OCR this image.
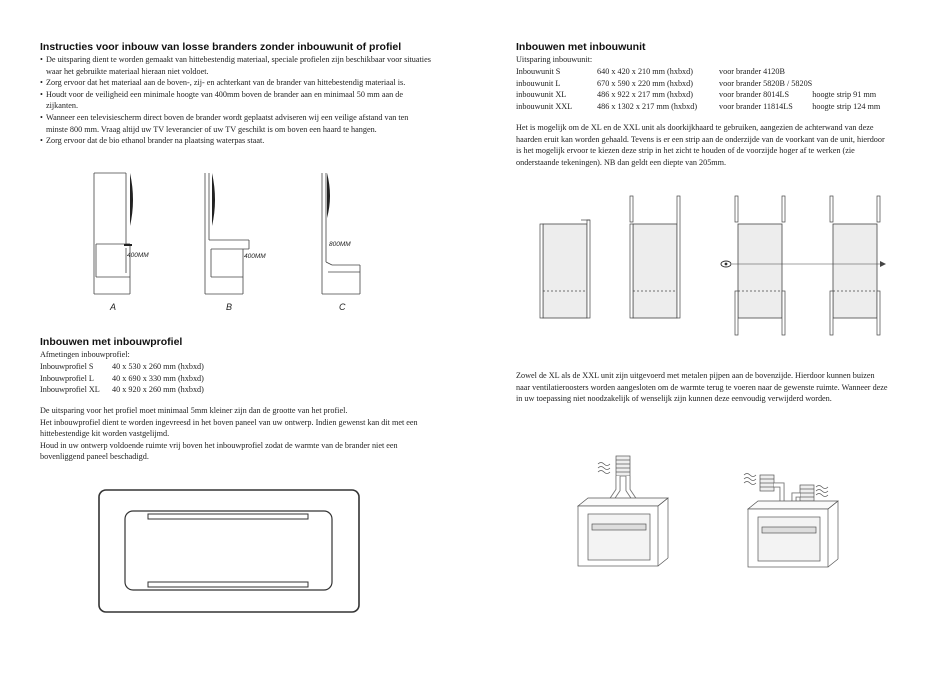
Instructies voor inbouw van losse branders zonder inbouwunit of profiel
• De uitsparing dient te worden gemaakt van hittebestendig materiaal, speciale profielen zijn beschikbaar voor situaties waar het gebruikte materiaal hieraan niet voldoet.
• Zorg ervoor dat het materiaal aan de boven-, zij- en achterkant van de brander van hittebestendig materiaal is.
• Houdt voor de veiligheid een minimale hoogte van 400mm boven de brander aan en minimaal 50 mm aan de zijkanten.
• Wanneer een televisiescherm direct boven de brander wordt geplaatst adviseren wij een veilige afstand van ten minste 800 mm. Vraag altijd uw TV leverancier of uw TV geschikt is om boven een haard te hangen.
• Zorg ervoor dat de bio ethanol brander na plaatsing waterpas staat.
400MM
A
400MM
B
800MM
C
Inbouwen met inbouwprofiel
Afmetingen inbouwprofiel:
Inbouwprofiel S	40 x 530 x 260 mm (hxbxd)
Inbouwprofiel L	40 x 690 x 330 mm (hxbxd)
Inbouwprofiel XL	40 x 920 x 260 mm (hxbxd)

De uitsparing voor het profiel moet minimaal 5mm kleiner zijn dan de grootte van het profiel.

Het inbouwprofiel dient te worden ingevreesd in het boven paneel van uw ontwerp. Indien gewenst kan dit met een hittebestendige kit worden vastgelijmd.

Houd in uw ontwerp voldoende ruimte vrij boven het inbouwprofiel zodat de warmte van de brander niet een bovenliggend paneel beschadigd.

Inbouwen met inbouwunit
Uitsparing inbouwunit:
Inbouwunit S	640 x 420 x 210 mm (hxbxd)	voor brander 4120B	
inbouwunit L	670 x 590 x 220 mm (hxbxd)	voor brander 5820B / 5820S	
inbouwunit XL	486 x 922 x 217 mm (hxbxd)	voor brander 8014LS	hoogte strip 91 mm
inbouwunit XXL	486 x 1302 x 217 mm (hxbxd)	voor brander 11814LS	hoogte strip 124 mm

Het is mogelijk om de XL en de XXL unit als doorkijkhaard te gebruiken, aangezien de achterwand van deze haarden eruit kan worden gehaald. Tevens is er een strip aan de onderzijde van de voorkant van de unit, hierdoor is het mogelijk ervoor te kiezen deze strip in het zicht te houden of de voorzijde hoger af te werken (zie onderstaande tekeningen). NB dan geldt een diepte van 205mm.

Zowel de XL als de XXL unit zijn uitgevoerd met metalen pijpen aan de bovenzijde. Hierdoor kunnen buizen naar ventilatieroosters worden aangesloten om de warmte terug te voeren naar de gewenste ruimte. Wanneer deze in uw toepassing niet noodzakelijk of wenselijk zijn kunnen deze eenvoudig verwijderd worden.
